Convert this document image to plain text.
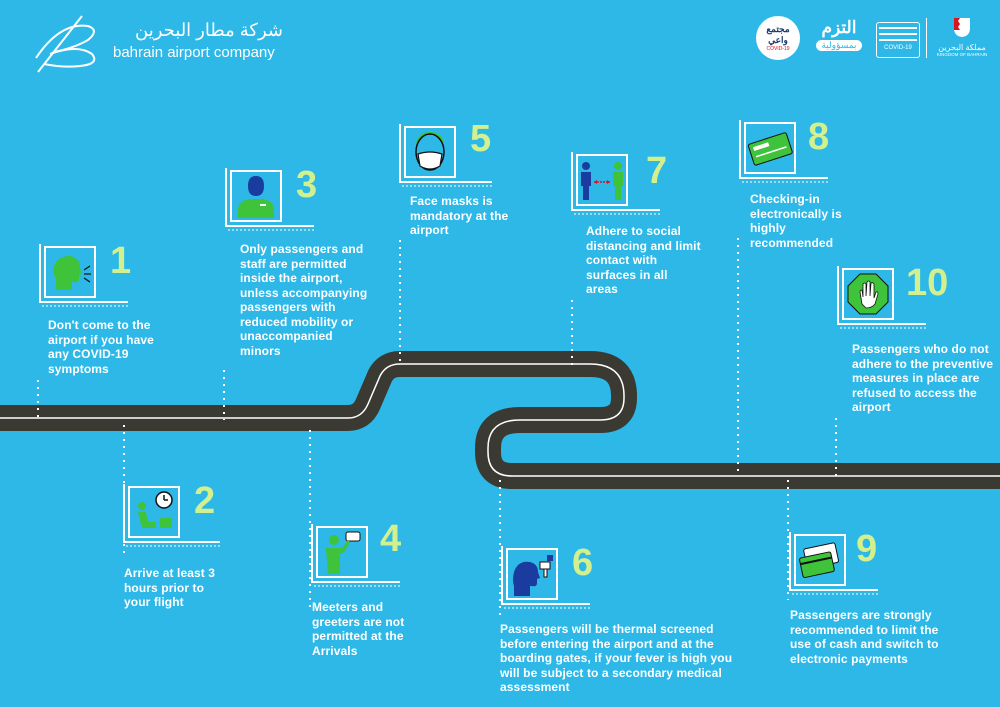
شركة مطار البحرين
bahrain airport company
مجتمع واعي
COVID-19
التزم
بمسؤولية	COVID-19	مملكة البحرين
KINGDOM OF BAHRAIN
1
Don't come to the airport if you have any COVID-19 symptoms
2
Arrive at least 3 hours prior to your flight
3
Only passengers and staff are permitted inside the airport, unless accompanying passengers with reduced mobility or unaccompanied minors
4
Meeters and greeters are not permitted at the Arrivals
5
Face masks is mandatory at the airport
6
Passengers will be thermal screened before entering the airport and at the boarding gates, if your fever is high you will be subject to a secondary medical assessment
7
Adhere to social distancing and limit contact with surfaces in all areas
8
Checking-in electronically is highly recommended
9
Passengers are strongly recommended to limit the use of cash and switch to electronic payments
10
Passengers who do not adhere to the preventive measures in place are refused to access the airport
